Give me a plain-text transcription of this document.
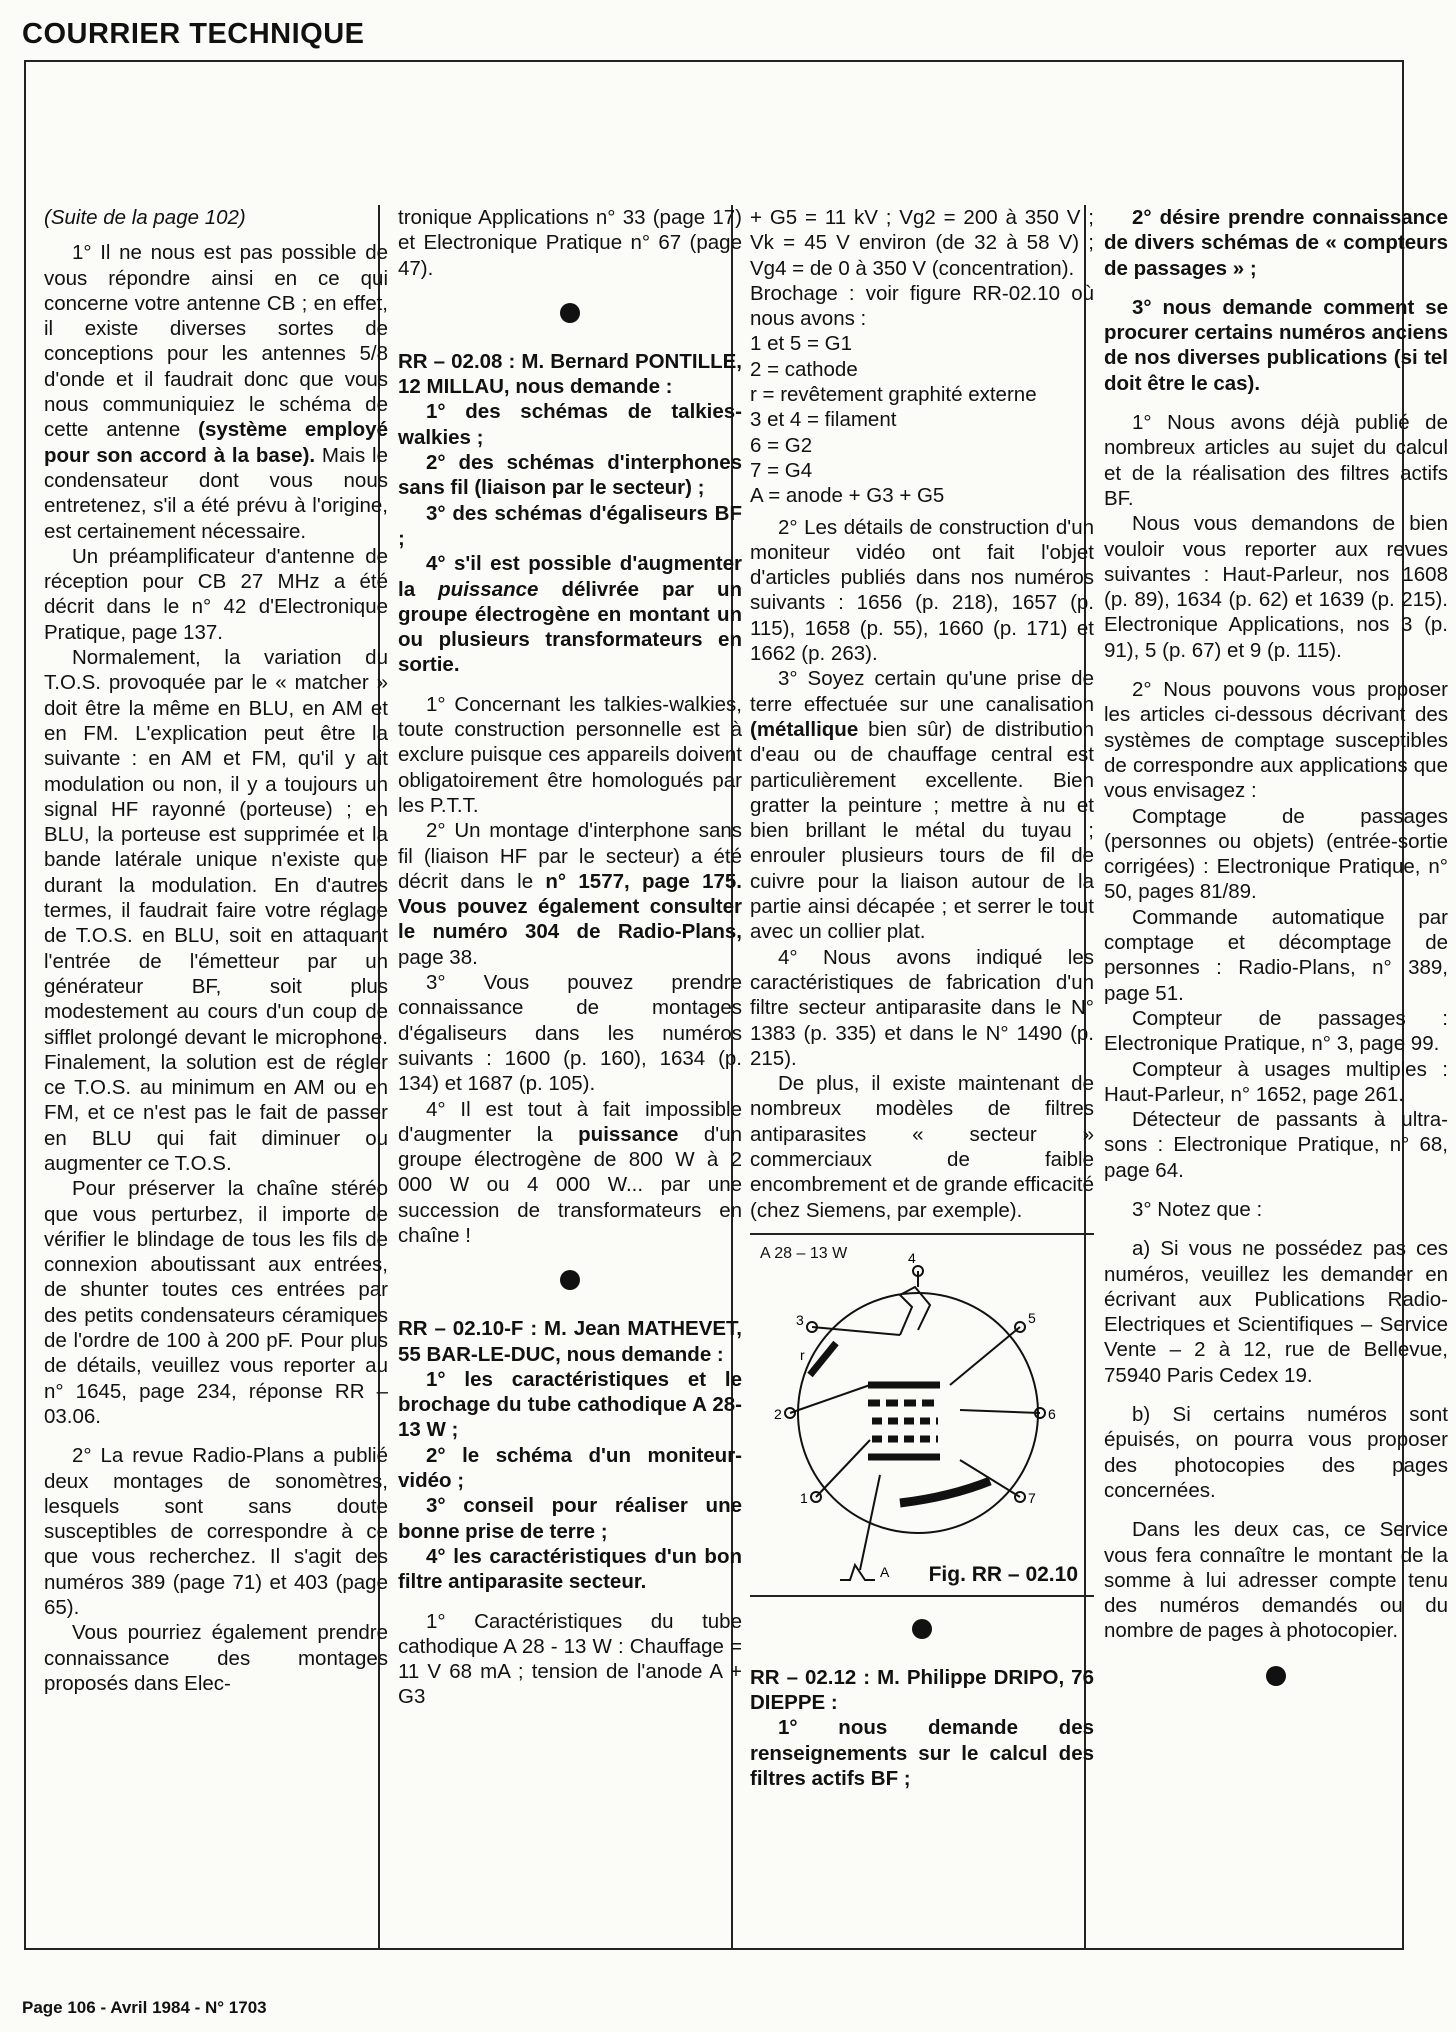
COURRIER TECHNIQUE

(Suite de la page 102)

1° Il ne nous est pas possible de vous répondre ainsi en ce qui concerne votre antenne CB ; en effet, il existe diverses sortes de conceptions pour les antennes 5/8 d'onde et il faudrait donc que vous nous communiquiez le schéma de cette antenne (système employé pour son accord à la base). Mais le condensateur dont vous nous entretenez, s'il a été prévu à l'origine, est certainement nécessaire.

Un préamplificateur d'antenne de réception pour CB 27 MHz a été décrit dans le n° 42 d'Electronique Pratique, page 137.

Normalement, la variation du T.O.S. provoquée par le « matcher » doit être la même en BLU, en AM et en FM. L'explication peut être la suivante : en AM et FM, qu'il y ait modulation ou non, il y a toujours un signal HF rayonné (porteuse) ; en BLU, la porteuse est supprimée et la bande latérale unique n'existe que durant la modulation. En d'autres termes, il faudrait faire votre réglage de T.O.S. en BLU, soit en attaquant l'entrée de l'émetteur par un générateur BF, soit plus modestement au cours d'un coup de sifflet prolongé devant le microphone. Finalement, la solution est de régler ce T.O.S. au minimum en AM ou en FM, et ce n'est pas le fait de passer en BLU qui fait diminuer ou augmenter ce T.O.S.

Pour préserver la chaîne stéréo que vous perturbez, il importe de vérifier le blindage de tous les fils de connexion aboutissant aux entrées, de shunter toutes ces entrées par des petits condensateurs céramiques de l'ordre de 100 à 200 pF. Pour plus de détails, veuillez vous reporter au n° 1645, page 234, réponse RR – 03.06.

2° La revue Radio-Plans a publié deux montages de sonomètres, lesquels sont sans doute susceptibles de correspondre à ce que vous recherchez. Il s'agit des numéros 389 (page 71) et 403 (page 65).

Vous pourriez également prendre connaissance des montages proposés dans Elec-

tronique Applications n° 33 (page 17) et Electronique Pratique n° 67 (page 47).

RR – 02.08 : M. Bernard PONTILLE, 12 MILLAU, nous demande :

1° des schémas de talkies-walkies ;

2° des schémas d'interphones sans fil (liaison par le secteur) ;

3° des schémas d'égaliseurs BF ;

4° s'il est possible d'augmenter la puissance délivrée par un groupe électrogène en montant un ou plusieurs transformateurs en sortie.

1° Concernant les talkies-walkies, toute construction personnelle est à exclure puisque ces appareils doivent obligatoirement être homologués par les P.T.T.

2° Un montage d'interphone sans fil (liaison HF par le secteur) a été décrit dans le n° 1577, page 175. Vous pouvez également consulter le numéro 304 de Radio-Plans, page 38.

3° Vous pouvez prendre connaissance de montages d'égaliseurs dans les numéros suivants : 1600 (p. 160), 1634 (p. 134) et 1687 (p. 105).

4° Il est tout à fait impossible d'augmenter la puissance d'un groupe électrogène de 800 W à 2 000 W ou 4 000 W... par une succession de transformateurs en chaîne !

RR – 02.10-F : M. Jean MATHEVET, 55 BAR-LE-DUC, nous demande :

1° les caractéristiques et le brochage du tube cathodique A 28-13 W ;

2° le schéma d'un moniteur-vidéo ;

3° conseil pour réaliser une bonne prise de terre ;

4° les caractéristiques d'un bon filtre antiparasite secteur.

1° Caractéristiques du tube cathodique A 28 - 13 W : Chauffage = 11 V 68 mA ; tension de l'anode A + G3

+ G5 = 11 kV ; Vg2 = 200 à 350 V ; Vk = 45 V environ (de 32 à 58 V) ; Vg4 = de 0 à 350 V (concentration).

Brochage : voir figure RR-02.10 où nous avons :

1 et 5 = G1

2 = cathode

r = revêtement graphité externe

3 et 4 = filament

6 = G2

7 = G4

A = anode + G3 + G5

2° Les détails de construction d'un moniteur vidéo ont fait l'objet d'articles publiés dans nos numéros suivants : 1656 (p. 218), 1657 (p. 115), 1658 (p. 55), 1660 (p. 171) et 1662 (p. 263).

3° Soyez certain qu'une prise de terre effectuée sur une canalisation (métallique bien sûr) de distribution d'eau ou de chauffage central est particulièrement excellente. Bien gratter la peinture ; mettre à nu et bien brillant le métal du tuyau ; enrouler plusieurs tours de fil de cuivre pour la liaison autour de la partie ainsi décapée ; et serrer le tout avec un collier plat.

4° Nous avons indiqué les caractéristiques de fabrication d'un filtre secteur antiparasite dans le N° 1383 (p. 335) et dans le N° 1490 (p. 215).

De plus, il existe maintenant de nombreux modèles de filtres antiparasites « secteur » commerciaux de faible encombrement et de grande efficacité (chez Siemens, par exemple).

A 28 – 13 W	4
3	5
2	6
1	7
r
A Fig. RR – 02.10

RR – 02.12 : M. Philippe DRIPO, 76 DIEPPE :

1° nous demande des renseignements sur le calcul des filtres actifs BF ;

2° désire prendre connaissance de divers schémas de « compteurs de passages » ;

3° nous demande comment se procurer certains numéros anciens de nos diverses publications (si tel doit être le cas).

1° Nous avons déjà publié de nombreux articles au sujet du calcul et de la réalisation des filtres actifs BF.

Nous vous demandons de bien vouloir vous reporter aux revues suivantes : Haut-Parleur, nos 1608 (p. 89), 1634 (p. 62) et 1639 (p. 215). Electronique Applications, nos 3 (p. 91), 5 (p. 67) et 9 (p. 115).

2° Nous pouvons vous proposer les articles ci-dessous décrivant des systèmes de comptage susceptibles de correspondre aux applications que vous envisagez :

Comptage de passages (personnes ou objets) (entrée-sortie corrigées) : Electronique Pratique, n° 50, pages 81/89.

Commande automatique par comptage et décomptage de personnes : Radio-Plans, n° 389, page 51.

Compteur de passages : Electronique Pratique, n° 3, page 99.

Compteur à usages multiples : Haut-Parleur, n° 1652, page 261.

Détecteur de passants à ultra-sons : Electronique Pratique, n° 68, page 64.

3° Notez que :

a) Si vous ne possédez pas ces numéros, veuillez les demander en écrivant aux Publications Radio-Electriques et Scientifiques – Service Vente – 2 à 12, rue de Bellevue, 75940 Paris Cedex 19.

b) Si certains numéros sont épuisés, on pourra vous proposer des photocopies des pages concernées.

Dans les deux cas, ce Service vous fera connaître le montant de la somme à lui adresser compte tenu des numéros demandés ou du nombre de pages à photocopier.

Page 106 - Avril 1984 - N° 1703
